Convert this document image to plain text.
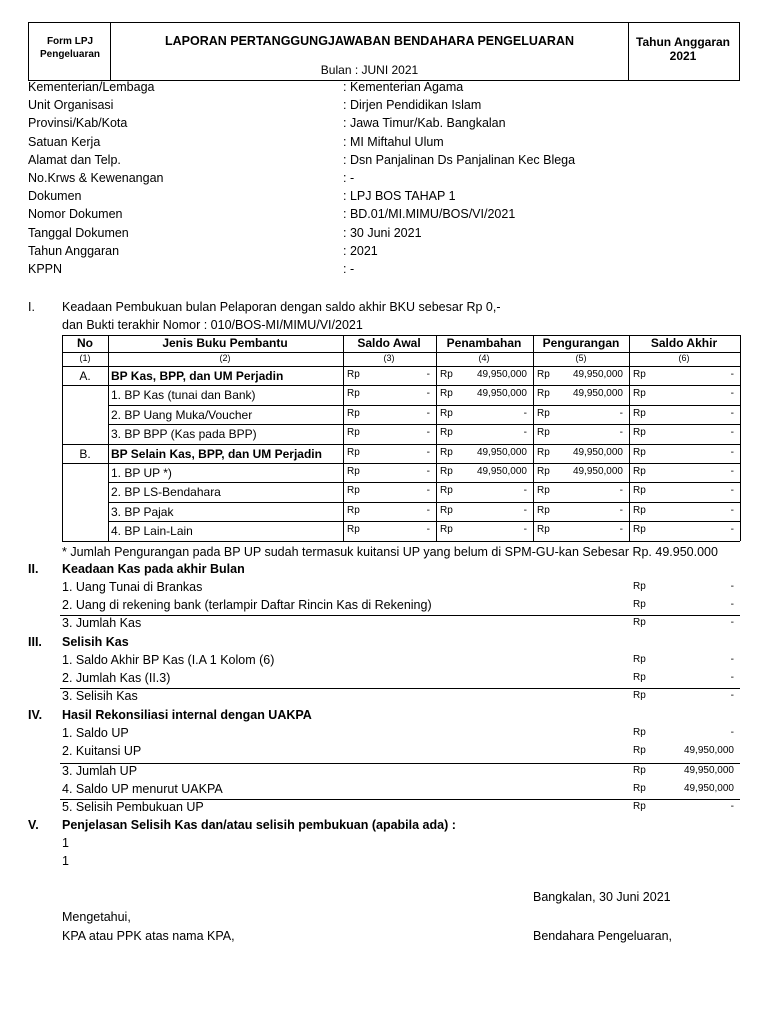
Form LPJ
Pengeluaran
LAPORAN PERTANGGUNGJAWABAN BENDAHARA PENGELUARAN
Bulan : JUNI 2021
Tahun Anggaran
2021
Kementerian/Lembaga	: Kementerian Agama
Unit Organisasi	: Dirjen Pendidikan Islam
Provinsi/Kab/Kota	: Jawa Timur/Kab. Bangkalan
Satuan Kerja	: MI Miftahul Ulum
Alamat dan Telp.	: Dsn Panjalinan Ds Panjalinan Kec Blega
No.Krws & Kewenangan	: -
Dokumen	: LPJ BOS TAHAP 1
Nomor Dokumen	: BD.01/MI.MIMU/BOS/VI/2021
Tanggal Dokumen	: 30 Juni 2021
Tahun Anggaran	: 2021
KPPN	: -
I. Keadaan Pembukuan bulan Pelaporan dengan saldo akhir BKU sebesar Rp 0,-
dan Bukti terakhir Nomor : 010/BOS-MI/MIMU/VI/2021
No	Jenis Buku Pembantu	Saldo Awal	Penambahan	Pengurangan	Saldo Akhir
(1)	(2)	(3)	(4)	(5)	(6)
A.	BP Kas, BPP, dan UM Perjadin	Rp	- Rp	49,950,000 Rp	49,950,000 Rp	-
1. BP Kas (tunai dan Bank)	Rp	- Rp	49,950,000 Rp	49,950,000 Rp	-
2. BP Uang Muka/Voucher	Rp	- Rp	- Rp	- Rp	-
3. BP BPP (Kas pada BPP)	Rp	- Rp	- Rp	- Rp	-
B.	BP Selain Kas, BPP, dan UM Perjadin	Rp	- Rp	49,950,000 Rp	49,950,000 Rp	-
1. BP UP *)	Rp	- Rp	49,950,000 Rp	49,950,000 Rp	-
2. BP LS-Bendahara	Rp	- Rp	- Rp	- Rp	-
3. BP Pajak	Rp	- Rp	- Rp	- Rp	-
4. BP Lain-Lain	Rp	- Rp	- Rp	- Rp	-
* Jumlah Pengurangan pada BP UP sudah termasuk kuitansi UP yang belum di SPM-GU-kan Sebesar Rp. 49.950.000
II. Keadaan Kas pada akhir Bulan
1. Uang Tunai di Brankas	Rp	-
2. Uang di rekening bank (terlampir Daftar Rincin Kas di Rekening)	Rp	-
3. Jumlah Kas	Rp	-
III. Selisih Kas
1. Saldo Akhir BP Kas (I.A 1 Kolom (6)	Rp	-
2. Jumlah Kas (II.3)	Rp	-
3. Selisih Kas	Rp	-
IV. Hasil Rekonsiliasi internal dengan UAKPA
1. Saldo UP	Rp	-
2. Kuitansi UP	Rp	49,950,000
3. Jumlah UP	Rp	49,950,000
4. Saldo UP menurut UAKPA	Rp	49,950,000
5. Selisih Pembukuan UP	Rp	-
V. Penjelasan Selisih Kas dan/atau selisih pembukuan (apabila ada) :
1
1
Bangkalan, 30 Juni 2021
Mengetahui,
KPA atau PPK atas nama KPA,	Bendahara Pengeluaran,
